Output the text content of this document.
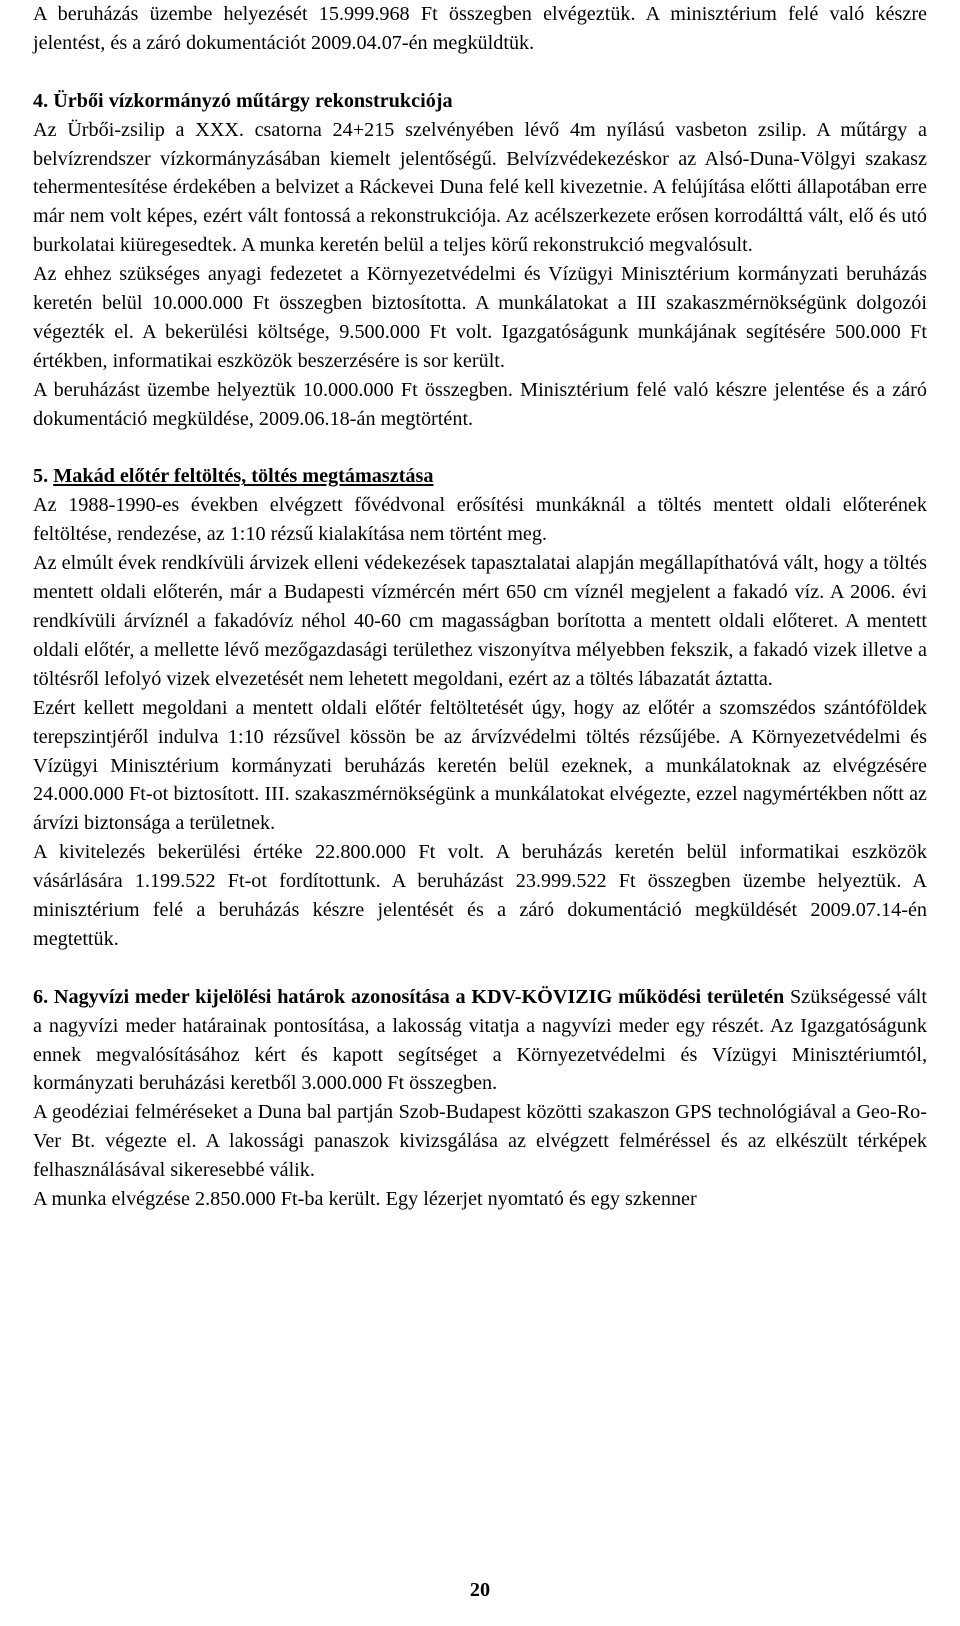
A beruházás üzembe helyezését 15.999.968 Ft összegben elvégeztük. A minisztérium felé való készre jelentést, és a záró dokumentációt 2009.04.07-én megküldtük.

4. Ürbői vízkormányzó műtárgy rekonstrukciója

Az Ürbői-zsilip a XXX. csatorna 24+215 szelvényében lévő 4m nyílású vasbeton zsilip. A műtárgy a belvízrendszer vízkormányzásában kiemelt jelentőségű. Belvízvédekezéskor az Alsó-Duna-Völgyi szakasz tehermentesítése érdekében a belvizet a Ráckevei Duna felé kell kivezetnie. A felújítása előtti állapotában erre már nem volt képes, ezért vált fontossá a rekonstrukciója. Az acélszerkezete erősen korrodálttá vált, elő és utó burkolatai kiüregesedtek. A munka keretén belül a teljes körű rekonstrukció megvalósult.

Az ehhez szükséges anyagi fedezetet a Környezetvédelmi és Vízügyi Minisztérium kormányzati beruházás keretén belül 10.000.000 Ft összegben biztosította. A munkálatokat a III szakaszmérnökségünk dolgozói végezték el. A bekerülési költsége, 9.500.000 Ft volt. Igazgatóságunk munkájának segítésére 500.000 Ft értékben, informatikai eszközök beszerzésére is sor került.

A beruházást üzembe helyeztük 10.000.000 Ft összegben. Minisztérium felé való készre jelentése és a záró dokumentáció megküldése, 2009.06.18-án megtörtént.

5. Makád előtér feltöltés, töltés megtámasztása

Az 1988-1990-es években elvégzett fővédvonal erősítési munkáknál a töltés mentett oldali előterének feltöltése, rendezése, az 1:10 rézsű kialakítása nem történt meg.

Az elmúlt évek rendkívüli árvizek elleni védekezések tapasztalatai alapján megállapíthatóvá vált, hogy a töltés mentett oldali előterén, már a Budapesti vízmércén mért 650 cm víznél megjelent a fakadó víz. A 2006. évi rendkívüli árvíznél a fakadóvíz néhol 40-60 cm magasságban borította a mentett oldali előteret. A mentett oldali előtér, a mellette lévő mezőgazdasági területhez viszonyítva mélyebben fekszik, a fakadó vizek illetve a töltésről lefolyó vizek elvezetését nem lehetett megoldani, ezért az a töltés lábazatát áztatta.

Ezért kellett megoldani a mentett oldali előtér feltöltetését úgy, hogy az előtér a szomszédos szántóföldek terepszintjéről indulva 1:10 rézsűvel kössön be az árvízvédelmi töltés rézsűjébe. A Környezetvédelmi és Vízügyi Minisztérium kormányzati beruházás keretén belül ezeknek, a munkálatoknak az elvégzésére 24.000.000 Ft-ot biztosított. III. szakaszmérnökségünk a munkálatokat elvégezte, ezzel nagymértékben nőtt az árvízi biztonsága a területnek.

A kivitelezés bekerülési értéke 22.800.000 Ft volt. A beruházás keretén belül informatikai eszközök vásárlására 1.199.522 Ft-ot fordítottunk. A beruházást 23.999.522 Ft összegben üzembe helyeztük. A minisztérium felé a beruházás készre jelentését és a záró dokumentáció megküldését 2009.07.14-én megtettük.

6. Nagyvízi meder kijelölési határok azonosítása a KDV-KÖVIZIG működési területén Szükségessé vált a nagyvízi meder határainak pontosítása, a lakosság vitatja a nagyvízi meder egy részét. Az Igazgatóságunk ennek megvalósításához kért és kapott segítséget a Környezetvédelmi és Vízügyi Minisztériumtól, kormányzati beruházási keretből 3.000.000 Ft összegben.

A geodéziai felméréseket a Duna bal partján Szob-Budapest közötti szakaszon GPS technológiával a Geo-Ro-Ver Bt. végezte el. A lakossági panaszok kivizsgálása az elvégzett felméréssel és az elkészült térképek felhasználásával sikeresebbé válik.

A munka elvégzése 2.850.000 Ft-ba került. Egy lézerjet nyomtató és egy szkenner

20
